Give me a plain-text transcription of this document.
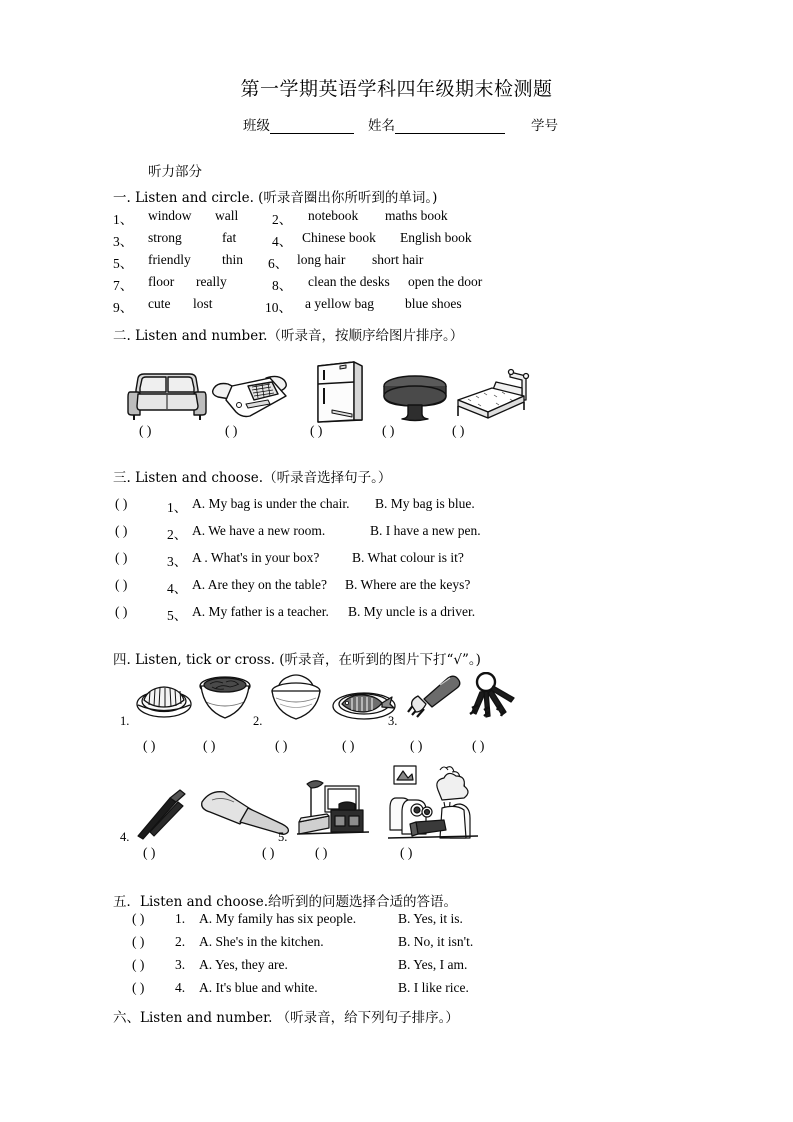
第一学期英语学科四年级期末检测题
班级	姓名	学号
听力部分
一. Listen and circle. (听录音圈出你所听到的单词。)
1、 window wall	2、 notebook maths book
3、 strong	fat	4、 Chinese book English book
5、 friendly thin 6、 long hair short hair
7、 floor really	8、 clean the desks open the door
9、 cute lost	10、 a yellow bag blue shoes
二. Listen and number.（听录音，按顺序给图片排序。）
( )	( )	( )	( )	( )
三. Listen and choose.（听录音选择句子。）
( )	1、 A. My bag is under the chair. B. My bag is blue.
( )	2、 A. We have a new room.	B. I have a new pen.
( )	3、 A . What's in your box? B. What colour is it?
( )	4、 A. Are they on the table? B. Where are the keys?
( )	5、 A. My father is a teacher. B. My uncle is a driver.
四. Listen, tick or cross. (听录音，在听到的图片下打“√”。)
1.
( )	( )
2.
( )	( )
3.
( )	( )
4.
( )	( )
5.
( )	( )
五．Listen and choose.给听到的问题选择合适的答语。
( ) 1. A. My family has six people.	B. Yes, it is.
( ) 2. A. She's in the kitchen.	B. No, it isn't.
( ) 3. A. Yes, they are.	B. Yes, I am.
( ) 4. A. It's blue and white.	B. I like rice.
六、Listen and number. （听录音，给下列句子排序。）
